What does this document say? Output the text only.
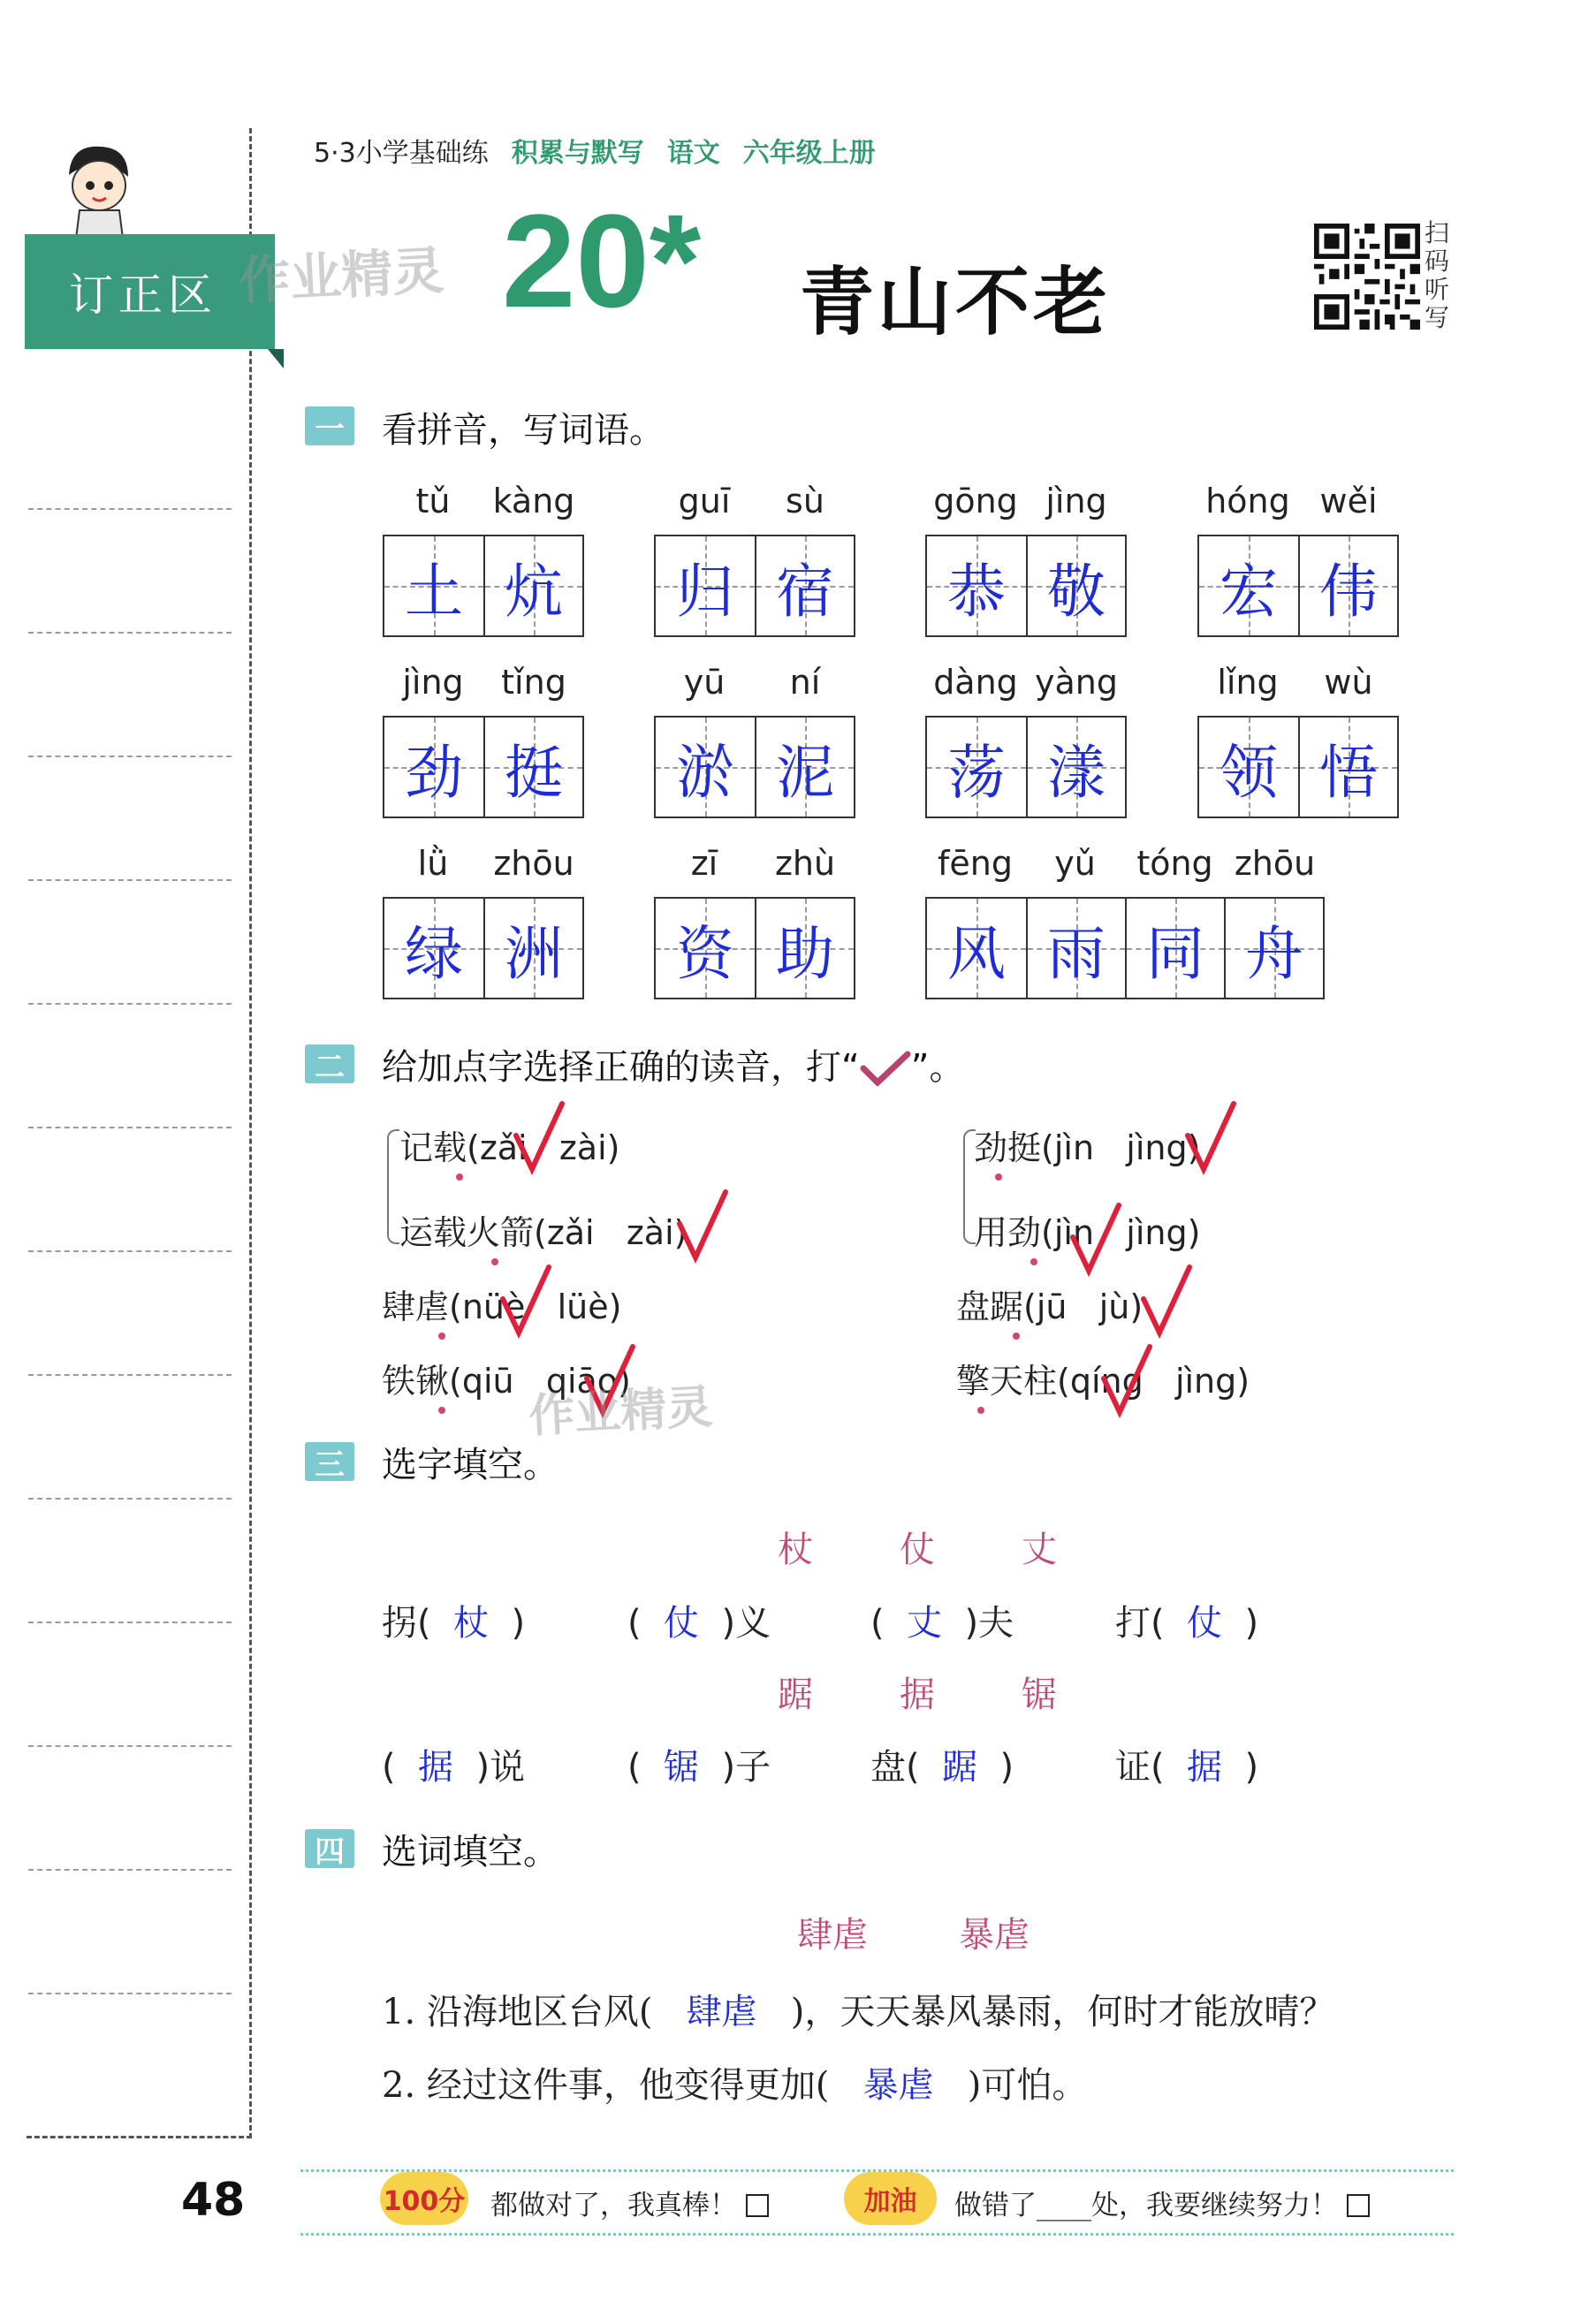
订正区
5·3小学基础练 积累与默写 语文 六年级上册
作业精灵 20* 青山不老
扫码听写
一 看拼音，写词语。
tǔ	kàng
土 炕
guī	sù
归 宿
gōng jìng
恭 敬
hóng wěi
宏 伟
jìng	tǐng
劲 挺
yū	ní
淤 泥
dàng yàng
荡 漾
lǐng	wù
领 悟
lǜ	zhōu
绿 洲
zī	zhù
资 助
fēng	yǔ	tóng zhōu
风 雨 同 舟
二 给加点字选择正确的读音，打“ ”。
记载(zǎi   zài)
运载火箭(zǎi   zài)
肆虐(nüè   lüè)
铁锹(qiū   qiāo)
劲挺(jìn   jìng)
用劲(jìn   jìng)
盘踞(jū   jù)
擎天柱(qíng   jìng)
作业精灵
三 选字填空。
杖 仗 丈
拐(  杖  )	(  仗  )义	(  丈  )夫	打(  仗  )
踞 据 锯
(  据  )说	(  锯  )子	盘(  踞  )	证(  据  )
四 选词填空。
肆虐	暴虐
1. 沿海地区台风(   肆虐   )，天天暴风暴雨，何时才能放晴？
2. 经过这件事，他变得更加(   暴虐   )可怕。
48	100分 都做对了，我真棒！	加油	做错了____处，我要继续努力！
